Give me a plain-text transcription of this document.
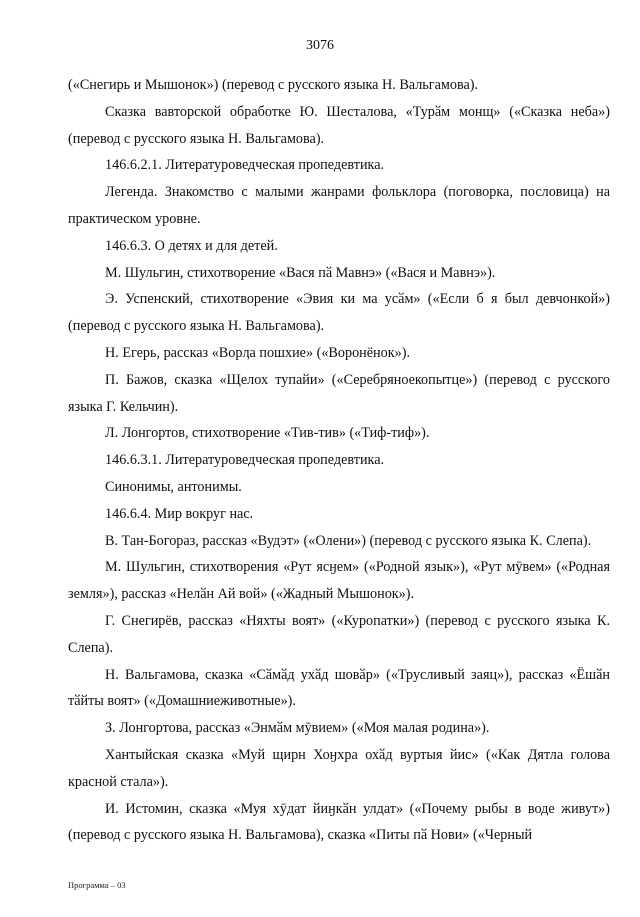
3076

(«Снегирь и Мышонок») (перевод с русского языка Н. Вальгамова).

Сказка вавторской обработке Ю. Шесталова, «Турӑм монщ» («Сказка неба») (перевод с русского языка Н. Вальгамова).

146.6.2.1. Литературоведческая пропедевтика.

Легенда. Знакомство с малыми жанрами фольклора (поговорка, пословица) на практическом уровне.

146.6.3. О детях и для детей.

М. Шульгин, стихотворение «Вася пӑ Мавнэ» («Вася и Мавнэ»).

Э. Успенский, стихотворение «Эвия ки ма усӑм» («Если б я был девчонкой») (перевод с русского языка Н. Вальгамова).

Н. Егерь, рассказ «Ворӆа пошхие» («Воронёнок»).

П. Бажов, сказка «Щелох тупайи» («Серебряноекопытце») (перевод с русского языка Г. Кельчин).

Л. Лонгортов, стихотворение «Тив-тив» («Тиф-тиф»).

146.6.3.1. Литературоведческая пропедевтика.

Синонимы, антонимы.

146.6.4. Мир вокруг нас.

В. Тан-Богораз, рассказ «Вудэт» («Олени») (перевод с русского языка К. Слепа).

М. Шульгин, стихотворения «Рут ясӈем» («Родной язык»), «Рут мӯвем» («Родная земля»), рассказ «Нелӑн Ай вой» («Жадный Мышонок»).

Г. Снегирёв, рассказ «Няхты воят» («Куропатки») (перевод с русского языка К. Слепа).

Н. Вальгамова, сказка «Сӑмӑд ухӑд шовӑр» («Трусливый заяц»), рассказ «Ёшӑн тӑйты воят» («Домашниеживотные»).

З. Лонгортова, рассказ «Энмӑм мӯвием» («Моя малая родина»).

Хантыйская сказка «Муй щирн Хоӈхра охӑд вуртыя йис» («Как Дятла голова красной стала»).

И. Истомин, сказка «Муя хӯдат йиӈкӑн улдат» («Почему рыбы в воде живут») (перевод с русского языка Н. Вальгамова), сказка «Питы пӑ Нови» («Черный

Программа – 03
